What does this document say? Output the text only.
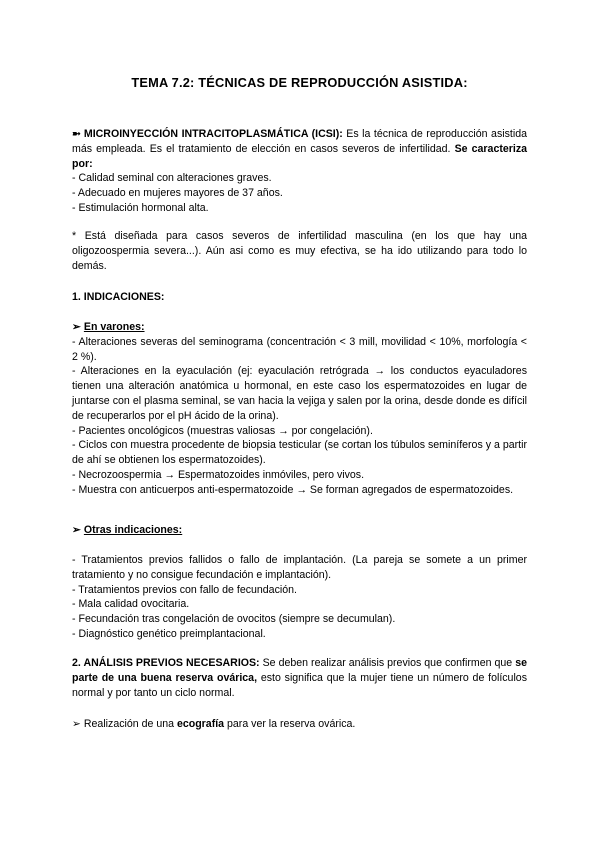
TEMA 7.2: TÉCNICAS DE REPRODUCCIÓN ASISTIDA:

➼ MICROINYECCIÓN INTRACITOPLASMÁTICA (ICSI): Es la técnica de reproducción asistida más empleada. Es el tratamiento de elección en casos severos de infertilidad. Se caracteriza por:

- Calidad seminal con alteraciones graves.

- Adecuado en mujeres mayores de 37 años.

- Estimulación hormonal alta.

* Está diseñada para casos severos de infertilidad masculina (en los que hay una oligozoospermia severa...). Aún asi como es muy efectiva, se ha ido utilizando para todo lo demás.
1. INDICACIONES:

➢ En varones:

- Alteraciones severas del seminograma (concentración < 3 mill, movilidad < 10%, morfología < 2 %).

- Alteraciones en la eyaculación (ej: eyaculación retrógrada → los conductos eyaculadores tienen una alteración anatómica u hormonal, en este caso los espermatozoides en lugar de juntarse con el plasma seminal, se van hacia la vejiga y salen por la orina, desde donde es difícil de recuperarlos por el pH ácido de la orina).

- Pacientes oncológicos (muestras valiosas → por congelación).

- Ciclos con muestra procedente de biopsia testicular (se cortan los túbulos seminíferos y a partir de ahí se obtienen los espermatozoides).

- Necrozoospermia → Espermatozoides inmóviles, pero vivos.

- Muestra con anticuerpos anti-espermatozoide → Se forman agregados de espermatozoides.

➢ Otras indicaciones:

- Tratamientos previos fallidos o fallo de implantación. (La pareja se somete a un primer tratamiento y no consigue fecundación e implantación).

- Tratamientos previos con fallo de fecundación.

- Mala calidad ovocitaria.

- Fecundación tras congelación de ovocitos (siempre se decumulan).

- Diagnóstico genético preimplantacional.

2. ANÁLISIS PREVIOS NECESARIOS: Se deben realizar análisis previos que confirmen que se parte de una buena reserva ovárica, esto significa que la mujer tiene un número de folículos normal y por tanto un ciclo normal.
➢ Realización de una ecografía para ver la reserva ovárica.
